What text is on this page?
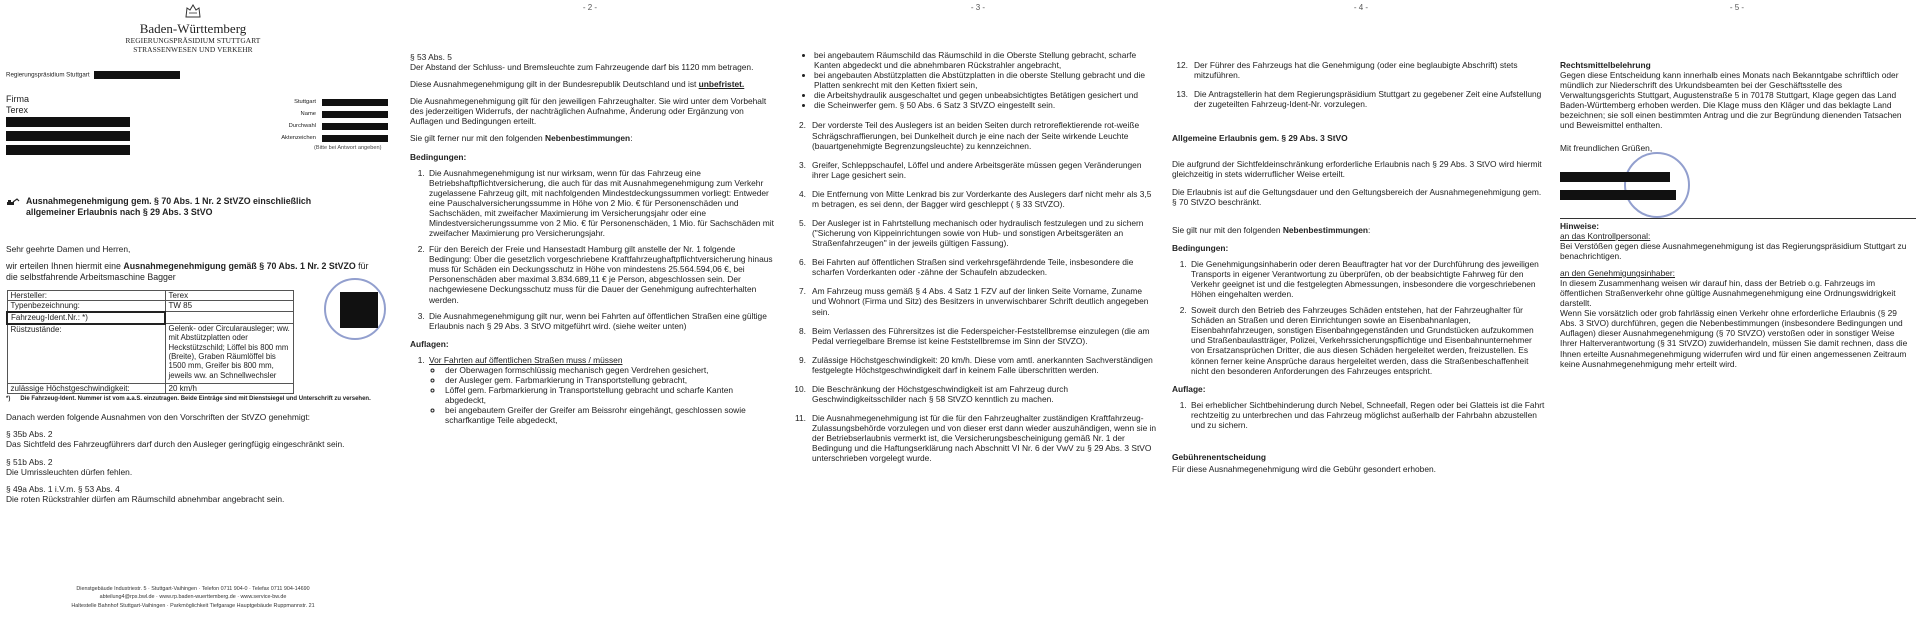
Baden-Württemberg
REGIERUNGSPRÄSIDIUM STUTTGART
STRASSENWESEN UND VERKEHR
Regierungspräsidium Stuttgart
Firma
Terex
Stuttgart
Name
Durchwahl
Aktenzeichen
(Bitte bei Antwort angeben)
Ausnahmegenehmigung gem. § 70 Abs. 1 Nr. 2 StVZO einschließlich
allgemeiner Erlaubnis nach § 29 Abs. 3 StVO

Sehr geehrte Damen und Herren,

wir erteilen Ihnen hiermit eine Ausnahmegenehmigung gemäß § 70 Abs. 1 Nr. 2 StVZO für die selbstfahrende Arbeitsmaschine Bagger

Hersteller:	Terex
Typenbezeichnung:	TW 85
Fahrzeug-Ident.Nr.: *)	
Rüstzustände:	Gelenk- oder Circularausleger; ww. mit Abstützplatten oder Heckstützschild; Löffel bis 800 mm (Breite), Graben Räumlöffel bis 1500 mm, Greifer bis 800 mm, jeweils ww. an Schnellwechsler
zulässige Höchstgeschwindigkeit:	20 km/h
*) Die Fahrzeug-Ident. Nummer ist vom a.a.S. einzutragen. Beide Einträge sind mit Dienstsiegel und Unterschrift zu versehen.

Danach werden folgende Ausnahmen von den Vorschriften der StVZO genehmigt:

§ 35b Abs. 2

Das Sichtfeld des Fahrzeugführers darf durch den Ausleger geringfügig eingeschränkt sein.

§ 51b Abs. 2

Die Umrissleuchten dürfen fehlen.

§ 49a Abs. 1 i.V.m. § 53 Abs. 4

Die roten Rückstrahler dürfen am Räumschild abnehmbar angebracht sein.

Dienstgebäude Industriestr. 5 · Stuttgart-Vaihingen · Telefon 0711 904-0 · Telefax 0711 904-14690
abteilung4@rps.bwl.de · www.rp.baden-wuerttemberg.de · www.service-bw.de
Haltestelle Bahnhof Stuttgart-Vaihingen · Parkmöglichkeit Tiefgarage Hauptgebäude Ruppmannstr. 21
- 2 -
§ 53 Abs. 5

Der Abstand der Schluss- und Bremsleuchte zum Fahrzeugende darf bis 1120 mm betragen.

Diese Ausnahmegenehmigung gilt in der Bundesrepublik Deutschland und ist unbefristet.

Die Ausnahmegenehmigung gilt für den jeweiligen Fahrzeughalter. Sie wird unter dem Vorbehalt des jederzeitigen Widerrufs, der nachträglichen Aufnahme, Änderung oder Ergänzung von Auflagen und Bedingungen erteilt.

Sie gilt ferner nur mit den folgenden Nebenbestimmungen:

Bedingungen:
1. Die Ausnahmegenehmigung ist nur wirksam, wenn für das Fahrzeug eine Betriebshaftpflichtversicherung, die auch für das mit Ausnahmegenehmigung zum Verkehr zugelassene Fahrzeug gilt, mit nachfolgenden Mindestdeckungssummen vorliegt: Entweder eine Pauschalversicherungssumme in Höhe von 2 Mio. € für Personenschäden und Sachschäden, mit zweifacher Maximierung im Versicherungsjahr oder eine Mindestversicherungssumme von 2 Mio. € für Personenschäden, 1 Mio. für Sachschäden mit zweifacher Maximierung pro Versicherungsjahr.
2. Für den Bereich der Freie und Hansestadt Hamburg gilt anstelle der Nr. 1 folgende Bedingung: Über die gesetzlich vorgeschriebene Kraftfahrzeughaftpflichtversicherung hinaus muss für Schäden ein Deckungsschutz in Höhe von mindestens 25.564.594,06 €, bei Personenschäden aber maximal 3.834.689,11 € je Person, abgeschlossen sein. Der nachgewiesene Deckungsschutz muss für die Dauer der Genehmigung aufrechterhalten werden.
3. Die Ausnahmegenehmigung gilt nur, wenn bei Fahrten auf öffentlichen Straßen eine gültige Erlaubnis nach § 29 Abs. 3 StVO mitgeführt wird. (siehe weiter unten)
Auflagen:
1. Vor Fahrten auf öffentlichen Straßen muss / müssen
◦ der Oberwagen formschlüssig mechanisch gegen Verdrehen gesichert,
◦ der Ausleger gem. Farbmarkierung in Transportstellung gebracht,
◦ Löffel gem. Farbmarkierung in Transportstellung gebracht und scharfe Kanten abgedeckt,
◦ bei angebautem Greifer der Greifer am Beissrohr eingehängt, geschlossen sowie scharfkantige Teile abgedeckt,
- 3 -
• bei angebautem Räumschild das Räumschild in die Oberste Stellung gebracht, scharfe Kanten abgedeckt und die abnehmbaren Rückstrahler angebracht,
• bei angebauten Abstützplatten die Abstützplatten in die oberste Stellung gebracht und die Platten senkrecht mit den Ketten fixiert sein,
• die Arbeitshydraulik ausgeschaltet und gegen unbeabsichtigtes Betätigen gesichert und
• die Scheinwerfer gem. § 50 Abs. 6 Satz 3 StVZO eingestellt sein.
2. Der vorderste Teil des Auslegers ist an beiden Seiten durch retroreflektierende rot-weiße Schrägschraffierungen, bei Dunkelheit durch je eine nach der Seite wirkende Leuchte (bauartgenehmigte Begrenzungsleuchte) zu kennzeichnen.
3. Greifer, Schleppschaufel, Löffel und andere Arbeitsgeräte müssen gegen Veränderungen ihrer Lage gesichert sein.
4. Die Entfernung von Mitte Lenkrad bis zur Vorderkante des Auslegers darf nicht mehr als 3,5 m betragen, es sei denn, der Bagger wird geschleppt ( § 33 StVZO).
5. Der Ausleger ist in Fahrtstellung mechanisch oder hydraulisch festzulegen und zu sichern ("Sicherung von Kippeinrichtungen sowie von Hub- und sonstigen Arbeitsgeräten an Straßenfahrzeugen" in der jeweils gültigen Fassung).
6. Bei Fahrten auf öffentlichen Straßen sind verkehrsgefährdende Teile, insbesondere die scharfen Vorderkanten oder -zähne der Schaufeln abzudecken.
7. Am Fahrzeug muss gemäß § 4 Abs. 4 Satz 1 FZV auf der linken Seite Vorname, Zuname und Wohnort (Firma und Sitz) des Besitzers in unverwischbarer Schrift deutlich angegeben sein.
8. Beim Verlassen des Führersitzes ist die Federspeicher-Feststellbremse einzulegen (die am Pedal verriegelbare Bremse ist keine Feststellbremse im Sinn der StVZO).
9. Zulässige Höchstgeschwindigkeit: 20 km/h. Diese vom amtl. anerkannten Sachverständigen festgelegte Höchstgeschwindigkeit darf in keinem Falle überschritten werden.
10. Die Beschränkung der Höchstgeschwindigkeit ist am Fahrzeug durch Geschwindigkeitsschilder nach § 58 StVZO kenntlich zu machen.
11. Die Ausnahmegenehmigung ist für die für den Fahrzeughalter zuständigen Kraftfahrzeug-Zulassungsbehörde vorzulegen und von dieser erst dann wieder auszuhändigen, wenn sie in der Betriebserlaubnis vermerkt ist, die Versicherungsbescheinigung gemäß Nr. 1 der Bedingung und die Haftungserklärung nach Abschnitt VI Nr. 6 der VwV zu § 29 Abs. 3 StVO unterschrieben vorgelegt wurde.
- 4 -
12. Der Führer des Fahrzeugs hat die Genehmigung (oder eine beglaubigte Abschrift) stets mitzuführen.
13. Die Antragstellerin hat dem Regierungspräsidium Stuttgart zu gegebener Zeit eine Aufstellung der zugeteilten Fahrzeug-Ident-Nr. vorzulegen.
Allgemeine Erlaubnis gem. § 29 Abs. 3 StVO

Die aufgrund der Sichtfeldeinschränkung erforderliche Erlaubnis nach § 29 Abs. 3 StVO wird hiermit gleichzeitig in stets widerruflicher Weise erteilt.

Die Erlaubnis ist auf die Geltungsdauer und den Geltungsbereich der Ausnahmegenehmigung gem. § 70 StVZO beschränkt.

Sie gilt nur mit den folgenden Nebenbestimmungen:

Bedingungen:
1. Die Genehmigungsinhaberin oder deren Beauftragter hat vor der Durchführung des jeweiligen Transports in eigener Verantwortung zu überprüfen, ob der beabsichtigte Fahrweg für den Verkehr geeignet ist und die festgelegten Abmessungen, insbesondere die vorgeschriebenen Höhen eingehalten werden.
2. Soweit durch den Betrieb des Fahrzeuges Schäden entstehen, hat der Fahrzeughalter für Schäden an Straßen und deren Einrichtungen sowie an Eisenbahnanlagen, Eisenbahnfahrzeugen, sonstigen Eisenbahngegenständen und Grundstücken aufzukommen und Straßenbaulastträger, Polizei, Verkehrssicherungspflichtige und Eisenbahnunternehmer von Ersatzansprüchen Dritter, die aus diesen Schäden hergeleitet werden, freizustellen. Es können ferner keine Ansprüche daraus hergeleitet werden, dass die Straßenbeschaffenheit nicht den besonderen Anforderungen des Fahrzeuges entspricht.
Auflage:
1. Bei erheblicher Sichtbehinderung durch Nebel, Schneefall, Regen oder bei Glatteis ist die Fahrt rechtzeitig zu unterbrechen und das Fahrzeug möglichst außerhalb der Fahrbahn abzustellen und zu sichern.
Gebührenentscheidung

Für diese Ausnahmegenehmigung wird die Gebühr gesondert erhoben.

- 5 -
Rechtsmittelbelehrung

Gegen diese Entscheidung kann innerhalb eines Monats nach Bekanntgabe schriftlich oder mündlich zur Niederschrift des Urkundsbeamten bei der Geschäftsstelle des Verwaltungsgerichts Stuttgart, Augustenstraße 5 in 70178 Stuttgart, Klage gegen das Land Baden-Württemberg erhoben werden. Die Klage muss den Kläger und das beklagte Land bezeichnen; sie soll einen bestimmten Antrag und die zur Begründung dienenden Tatsachen und Beweismittel enthalten.

Mit freundlichen Grüßen,

Hinweise:
an das Kontrollpersonal:

Bei Verstößen gegen diese Ausnahmegenehmigung ist das Regierungspräsidium Stuttgart zu benachrichtigen.

an den Genehmigungsinhaber:
In diesem Zusammenhang weisen wir darauf hin, dass der Betrieb o.g. Fahrzeugs im öffentlichen Straßenverkehr ohne gültige Ausnahmegenehmigung eine Ordnungswidrigkeit darstellt.
Wenn Sie vorsätzlich oder grob fahrlässig einen Verkehr ohne erforderliche Erlaubnis (§ 29 Abs. 3 StVO) durchführen, gegen die Nebenbestimmungen (insbesondere Bedingungen und Auflagen) dieser Ausnahmegenehmigung (§ 70 StVZO) verstoßen oder in sonstiger Weise Ihrer Halterverantwortung (§ 31 StVZO) zuwiderhandeln, müssen Sie damit rechnen, dass die Ihnen erteilte Ausnahmegenehmigung widerrufen wird und für einen angemessenen Zeitraum keine Ausnahmegenehmigung mehr erteilt wird.
